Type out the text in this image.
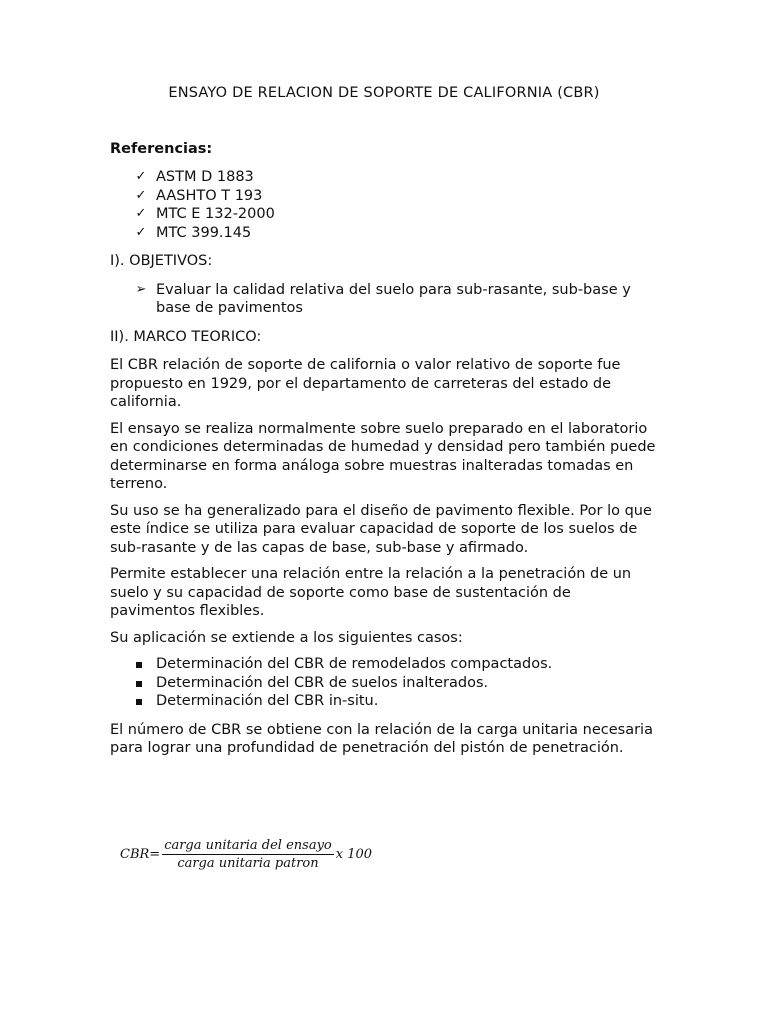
ENSAYO DE RELACION DE SOPORTE DE CALIFORNIA (CBR)
Referencias:
✓ ASTM D 1883
✓ AASHTO T 193
✓ MTC E 132-2000
✓ MTC 399.145
I). OBJETIVOS:
➢ Evaluar la calidad relativa del suelo para sub-rasante, sub-base y base de pavimentos
II). MARCO TEORICO:

El CBR relación de soporte de california o valor relativo de soporte fue propuesto en 1929, por el departamento de carreteras del estado de california.

El ensayo se realiza normalmente sobre suelo preparado en el laboratorio en condiciones determinadas de humedad y densidad pero también puede determinarse en forma análoga sobre muestras inalteradas tomadas en terreno.

Su uso se ha generalizado para el diseño de pavimento flexible. Por lo que este índice se utiliza para evaluar capacidad de soporte de los suelos de sub-rasante y de las capas de base, sub-base y afirmado.

Permite establecer una relación entre la relación a la penetración de un suelo y su capacidad de soporte como base de sustentación de pavimentos flexibles.

Su aplicación se extiende a los siguientes casos:

Determinación del CBR de remodelados compactados.
Determinación del CBR de suelos inalterados.
Determinación del CBR in-situ.

El número de CBR se obtiene con la relación de la carga unitaria necesaria para lograr una profundidad de penetración del pistón de penetración.

$CBR= \frac{\text{carga unitaria del ensayo}}{\text{carga unitaria patron}}$ x 100
